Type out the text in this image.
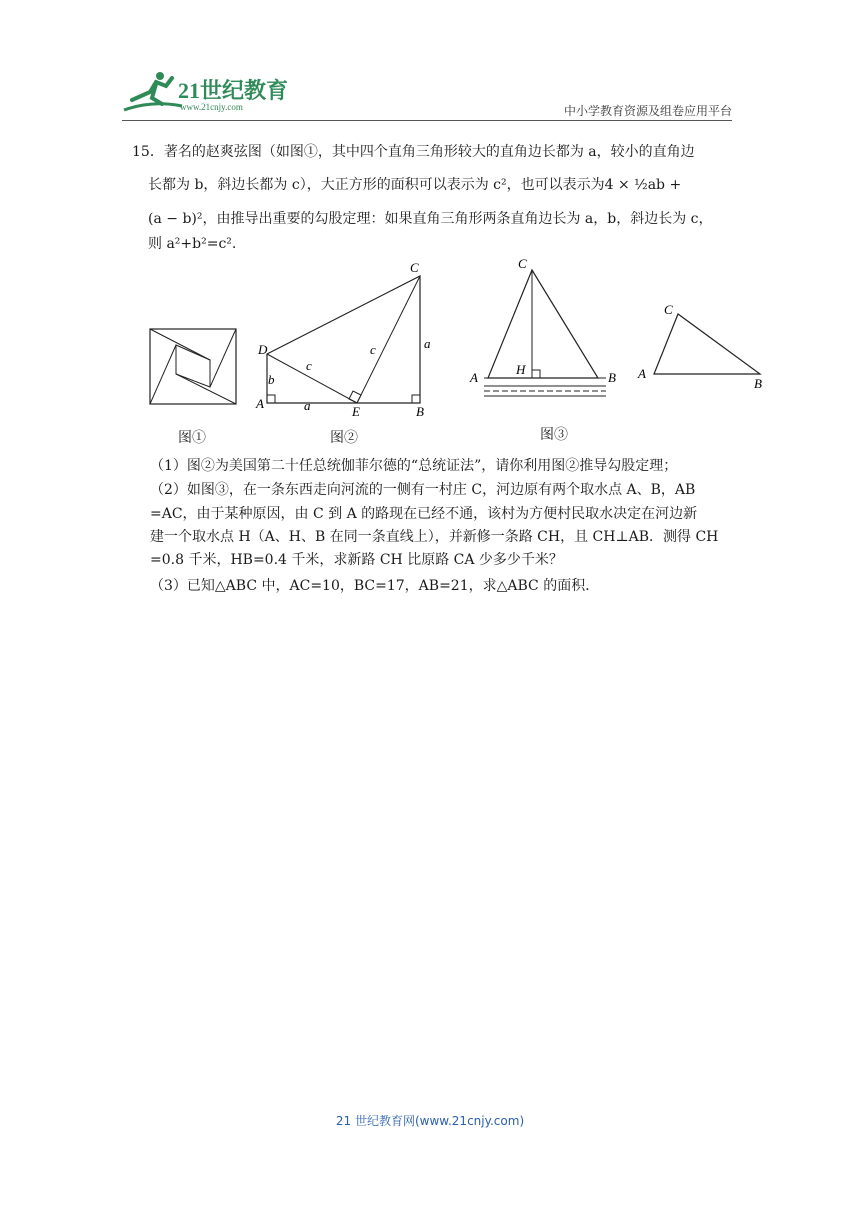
21世纪教育
www.21cnjy.com	中小学教育资源及组卷应用平台
15．著名的赵爽弦图（如图①，其中四个直角三角形较大的直角边长都为 a，较小的直角边
长都为 b，斜边长都为 c），大正方形的面积可以表示为 c²，也可以表示为4 × ½ab +
(a − b)²，由推导出重要的勾股定理：如果直角三角形两条直角边长为 a，b，斜边长为 c，
则 a²+b²=c².
图①
C
D
A
E	B
a
a
b
c
c
图②
C
A
H
B
图③
C
A
B
（1）图②为美国第二十任总统伽菲尔德的“总统证法”，请你利用图②推导勾股定理；
（2）如图③，在一条东西走向河流的一侧有一村庄 C，河边原有两个取水点 A、B，AB
=AC，由于某种原因，由 C 到 A 的路现在已经不通，该村为方便村民取水决定在河边新
建一个取水点 H（A、H、B 在同一条直线上），并新修一条路 CH，且 CH⊥AB．测得 CH
=0.8 千米，HB=0.4 千米，求新路 CH 比原路 CA 少多少千米？
（3）已知△ABC 中，AC=10，BC=17，AB=21，求△ABC 的面积．
21 世纪教育网(www.21cnjy.com)
